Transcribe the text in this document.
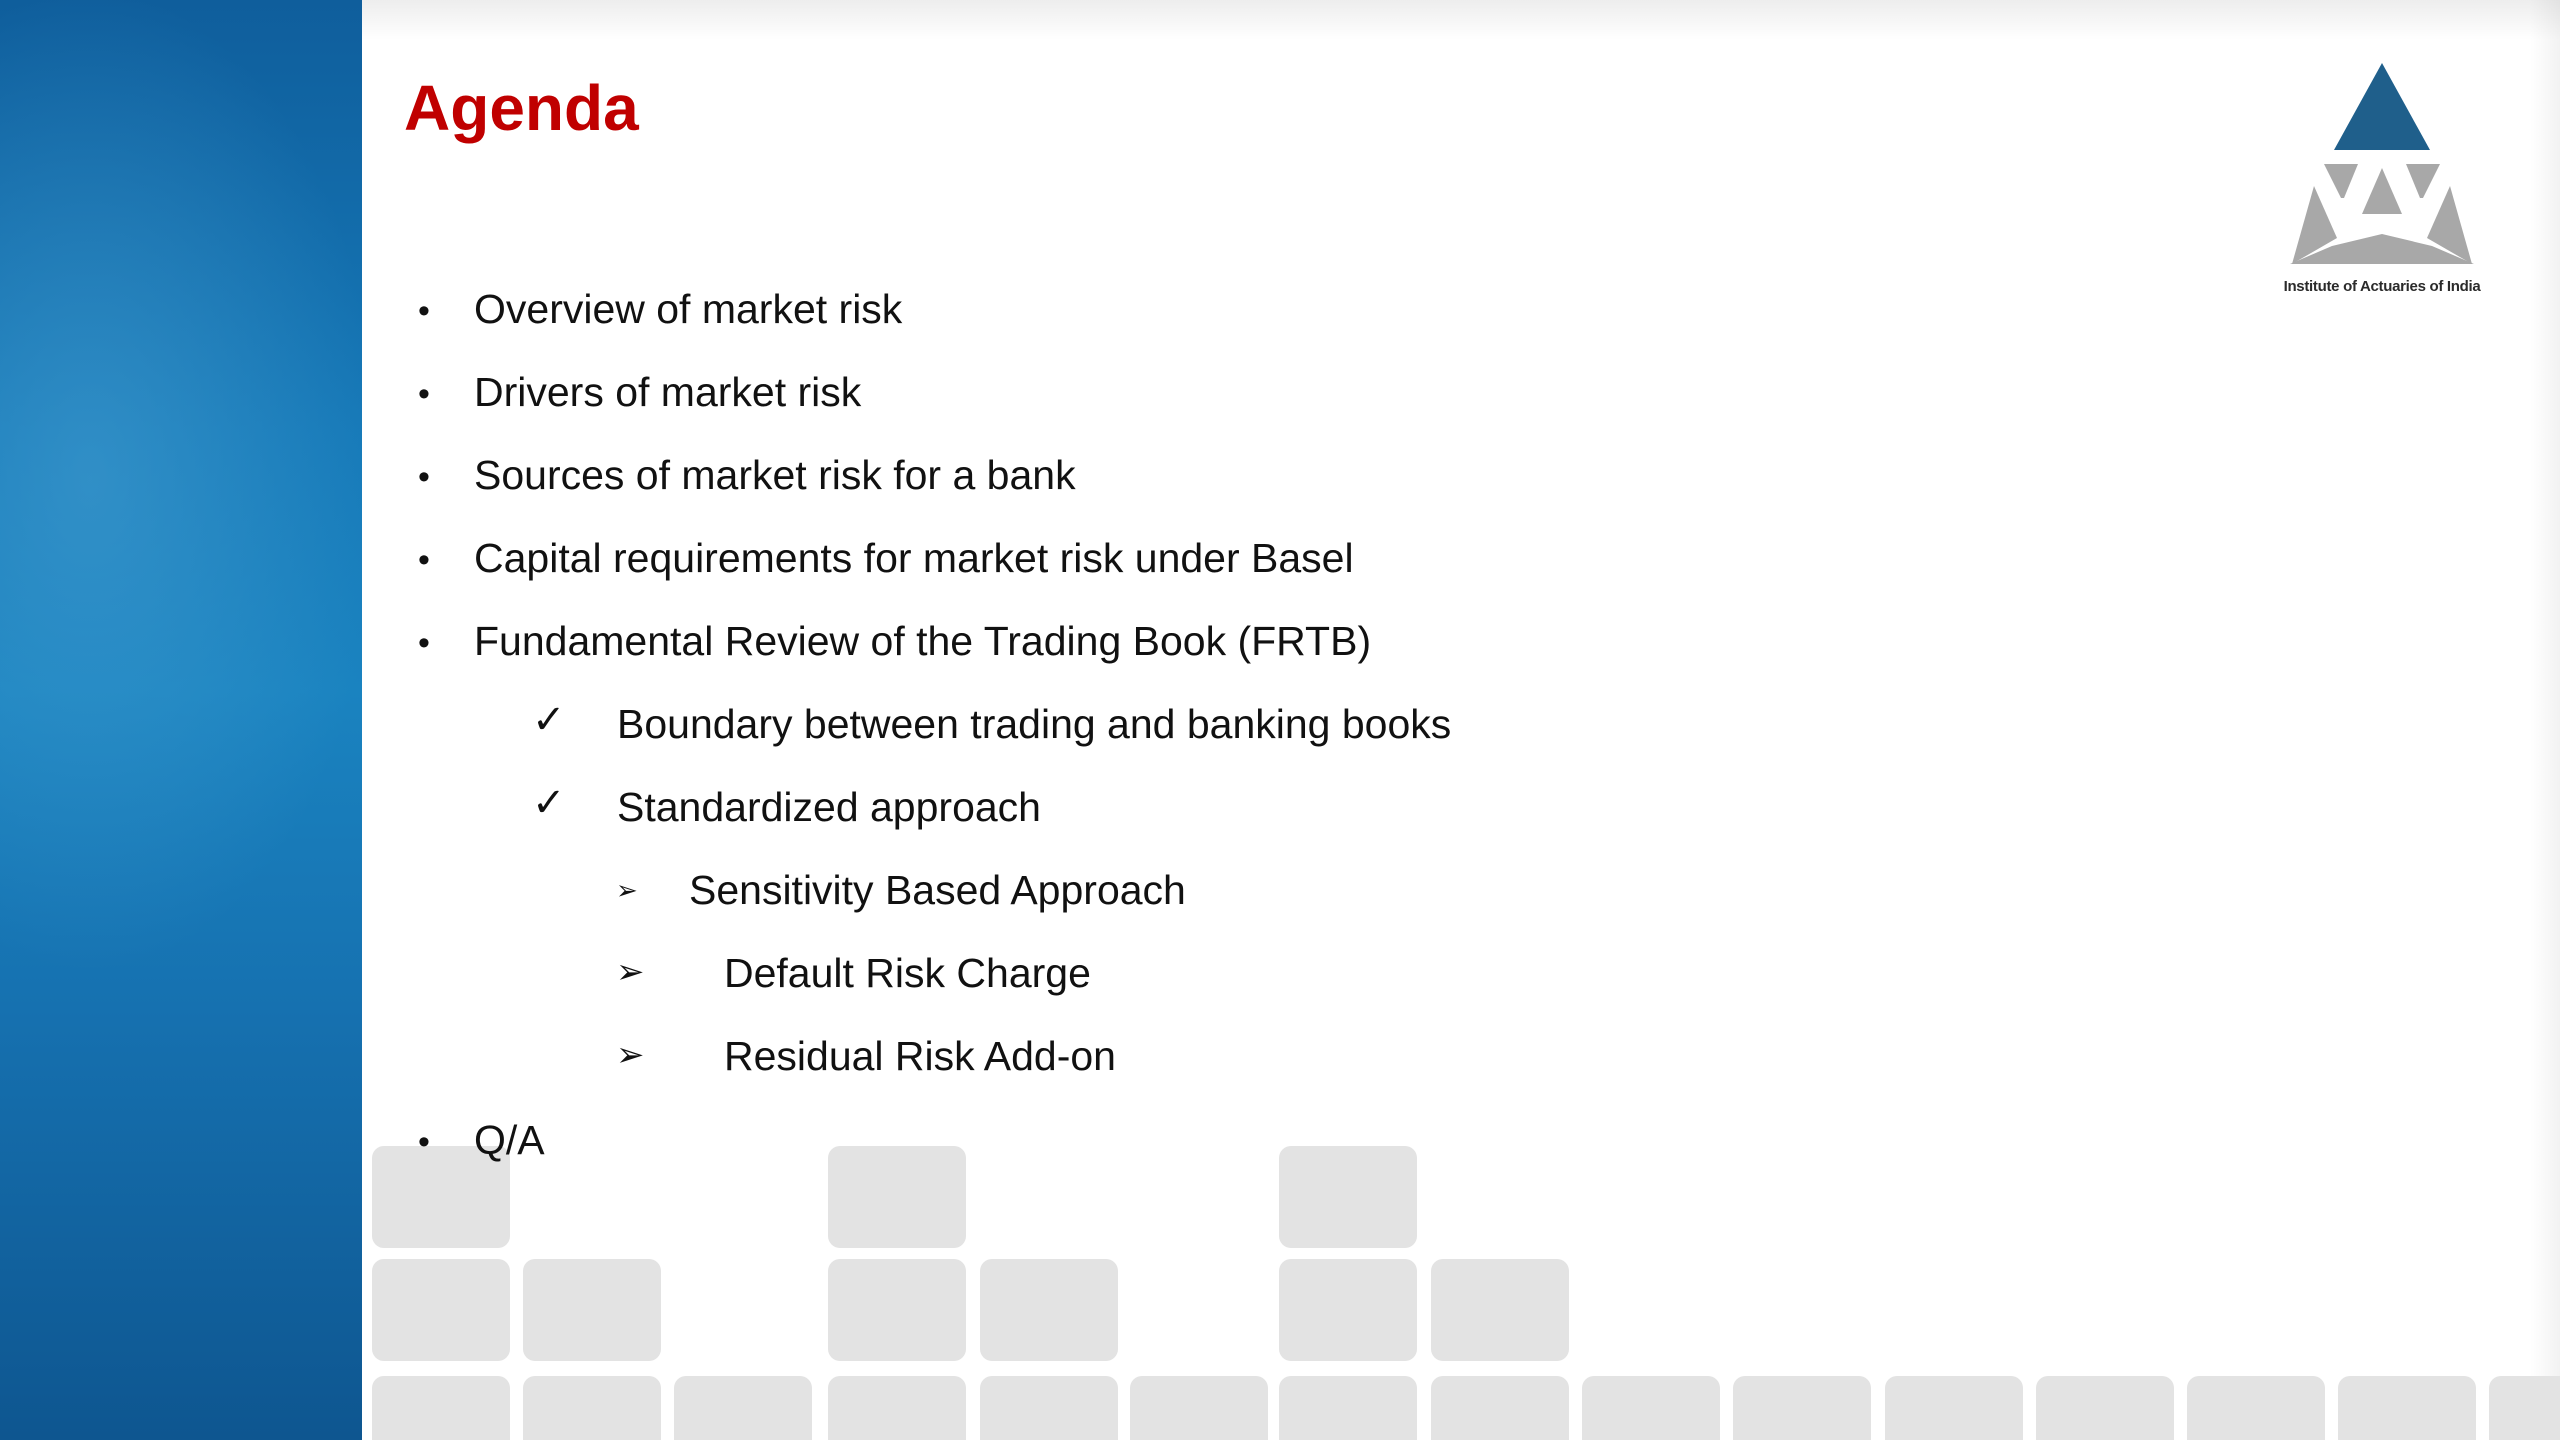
Agenda
Institute of Actuaries of India
• Overview of market risk
• Drivers of market risk
• Sources of market risk for a bank
• Capital requirements for market risk under Basel
• Fundamental Review of the Trading Book (FRTB)
✓ Boundary between trading and banking books
✓ Standardized approach
➢ Sensitivity Based Approach
➢ Default Risk Charge
➢ Residual Risk Add-on
• Q/A
